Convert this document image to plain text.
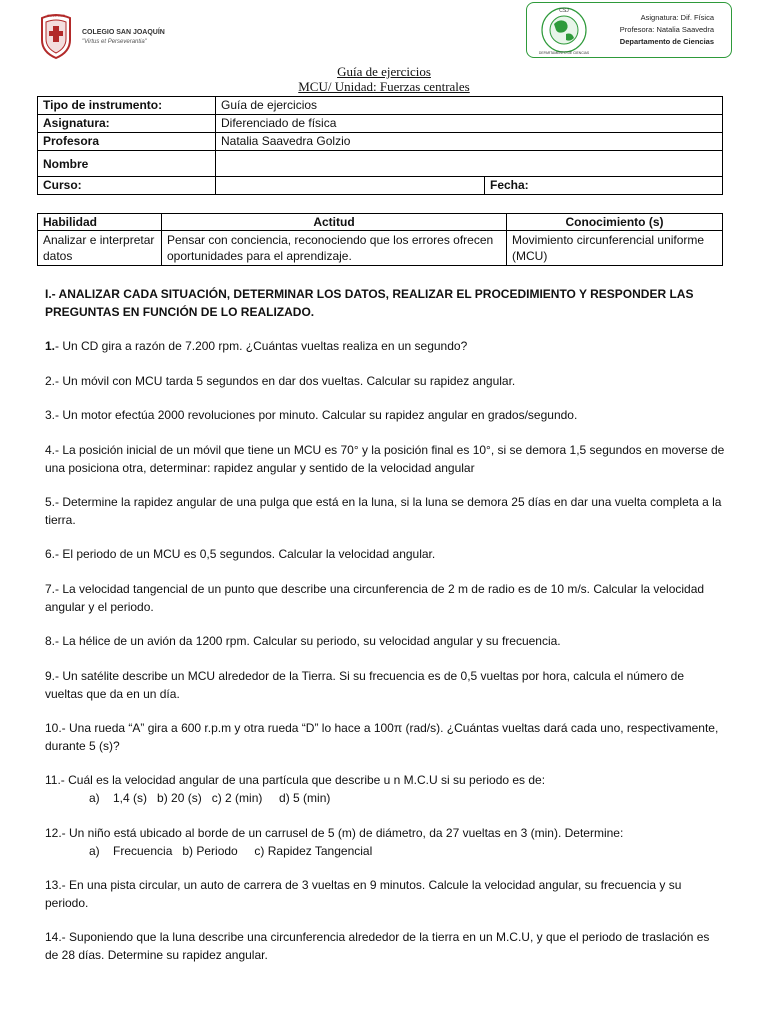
COLEGIO
COLEGIO SAN JOAQUÍN
"Virtus et Perseverantia"
CSJ
DEPARTAMENTO DE CIENCIAS
Asignatura: Dif. Física
Profesora: Natalia Saavedra
Departamento de Ciencias
Guía de ejercicios
MCU/ Unidad: Fuerzas centrales
Tipo de instrumento:	Guía de ejercicios	
Asignatura:	Diferenciado de física	
Profesora	Natalia Saavedra Golzio	
Nombre		
Curso:		Fecha:
Habilidad	Actitud	Conocimiento (s)
Analizar e interpretar datos	Pensar con conciencia, reconociendo que los errores ofrecen oportunidades para el aprendizaje.	Movimiento circunferencial uniforme (MCU)
I.- ANALIZAR CADA SITUACIÓN, DETERMINAR LOS DATOS, REALIZAR EL PROCEDIMIENTO Y RESPONDER LAS PREGUNTAS EN FUNCIÓN DE LO REALIZADO.
1.- Un CD gira a razón de 7.200 rpm. ¿Cuántas vueltas realiza en un segundo?
2.- Un móvil con MCU tarda 5 segundos en dar dos vueltas. Calcular su rapidez angular.
3.- Un motor efectúa 2000 revoluciones por minuto. Calcular su rapidez angular en grados/segundo.
4.- La posición inicial de un móvil que tiene un MCU es 70° y la posición final es 10°, si se demora 1,5 segundos en moverse de una posiciona otra, determinar: rapidez angular y sentido de la velocidad angular
5.- Determine la rapidez angular de una pulga que está en la luna, si la luna se demora 25 días en dar una vuelta completa a la tierra.
6.- El periodo de un MCU es 0,5 segundos. Calcular la velocidad angular.
7.- La velocidad tangencial de un punto que describe una circunferencia de 2 m de radio es de 10 m/s. Calcular la velocidad angular y el periodo.
8.- La hélice de un avión da 1200 rpm. Calcular su periodo, su velocidad angular y su frecuencia.
9.- Un satélite describe un MCU alrededor de la Tierra. Si su frecuencia es de 0,5 vueltas por hora, calcula el número de vueltas que da en un día.
10.- Una rueda “A” gira a 600 r.p.m y otra rueda “D” lo hace a 100π (rad/s). ¿Cuántas vueltas dará cada uno, respectivamente, durante 5 (s)?
11.- Cuál es la velocidad angular de una partícula que describe u n M.C.U si su periodo es de:
a)    1,4 (s)   b) 20 (s)   c) 2 (min)     d) 5 (min)
12.- Un niño está ubicado al borde de un carrusel de 5 (m) de diámetro, da 27 vueltas en 3 (min). Determine:
a)    Frecuencia   b) Periodo     c) Rapidez Tangencial
13.- En una pista circular, un auto de carrera de 3 vueltas en 9 minutos. Calcule la velocidad angular, su frecuencia y su periodo.
14.- Suponiendo que la luna describe una circunferencia alrededor de la tierra en un M.C.U, y que el periodo de traslación es de 28 días. Determine su rapidez angular.
